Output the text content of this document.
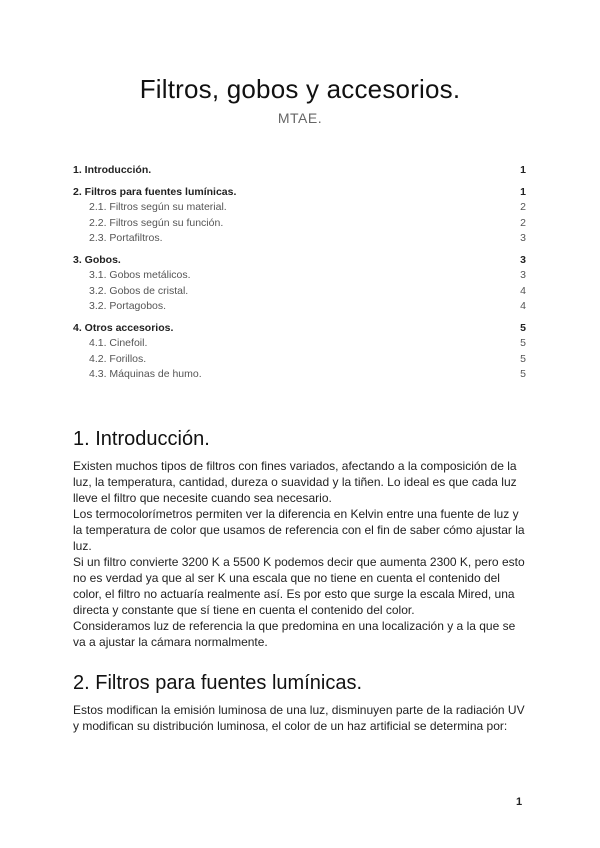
Filtros, gobos y accesorios.
MTAE.
1. Introducción.	1
2. Filtros para fuentes lumínicas.	1
2.1. Filtros según su material.	2
2.2. Filtros según su función.	2
2.3. Portafiltros.	3
3. Gobos.	3
3.1. Gobos metálicos.	3
3.2. Gobos de cristal.	4
3.2. Portagobos.	4
4. Otros accesorios.	5
4.1. Cinefoil.	5
4.2. Forillos.	5
4.3. Máquinas de humo.	5
1. Introducción.
Existen muchos tipos de filtros con fines variados, afectando a la composición de la luz, la temperatura, cantidad, dureza o suavidad y la tiñen. Lo ideal es que cada luz lleve el filtro que necesite cuando sea necesario.
Los termocolorímetros permiten ver la diferencia en Kelvin entre una fuente de luz y la temperatura de color que usamos de referencia con el fin de saber cómo ajustar la luz.
Si un filtro convierte 3200 K a 5500 K podemos decir que aumenta 2300 K, pero esto no es verdad ya que al ser K una escala que no tiene en cuenta el contenido del color, el filtro no actuaría realmente así. Es por esto que surge la escala Mired, una directa y constante que sí tiene en cuenta el contenido del color.
Consideramos luz de referencia la que predomina en una localización y a la que se va a ajustar la cámara normalmente.
2. Filtros para fuentes lumínicas.
Estos modifican la emisión luminosa de una luz, disminuyen parte de la radiación UV y modifican su distribución luminosa, el color de un haz artificial se determina por:
1
